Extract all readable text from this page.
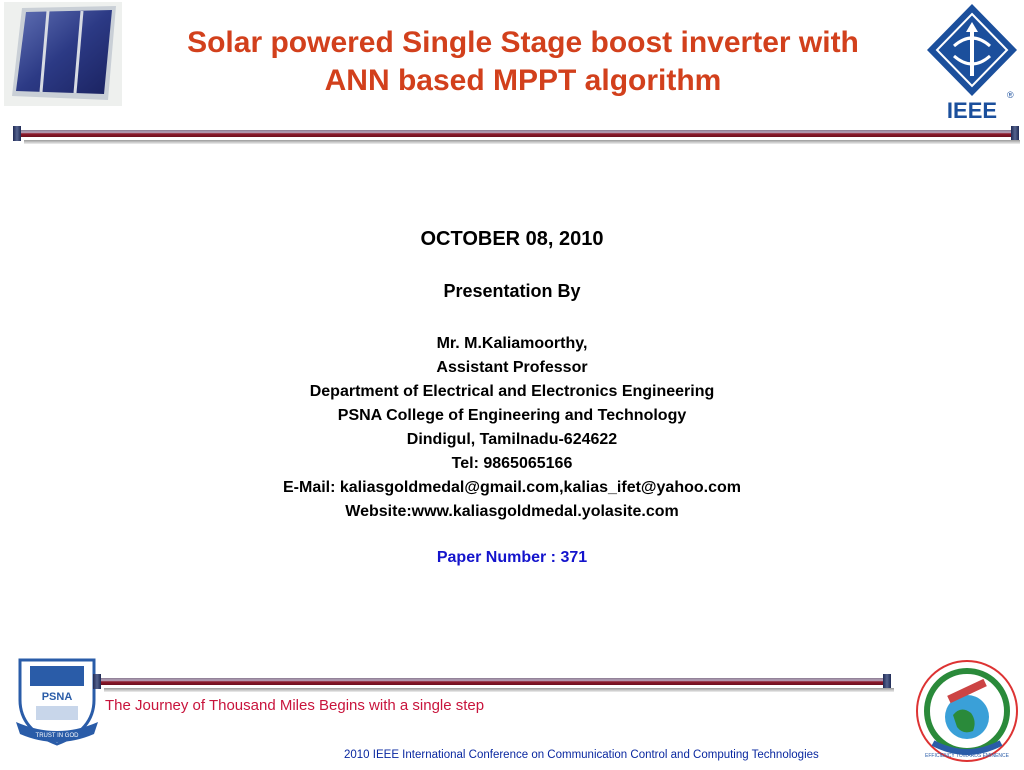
Solar powered Single Stage boost inverter with
ANN based MPPT algorithm	®
IEEE
OCTOBER 08, 2010
Presentation By
Mr. M.Kaliamoorthy,
Assistant Professor
Department of Electrical and Electronics Engineering
PSNA College of Engineering and Technology
Dindigul, Tamilnadu-624622
Tel: 9865065166
E-Mail: kaliasgoldmedal@gmail.com,kalias_ifet@yahoo.com
Website:www.kaliasgoldmedal.yolasite.com
Paper Number : 371
PSNA
TRUST IN GOD
The Journey of Thousand Miles Begins with a single step
EFFICIENCY TOWARDS EMINENCE
2010 IEEE International Conference on Communication Control and Computing Technologies
